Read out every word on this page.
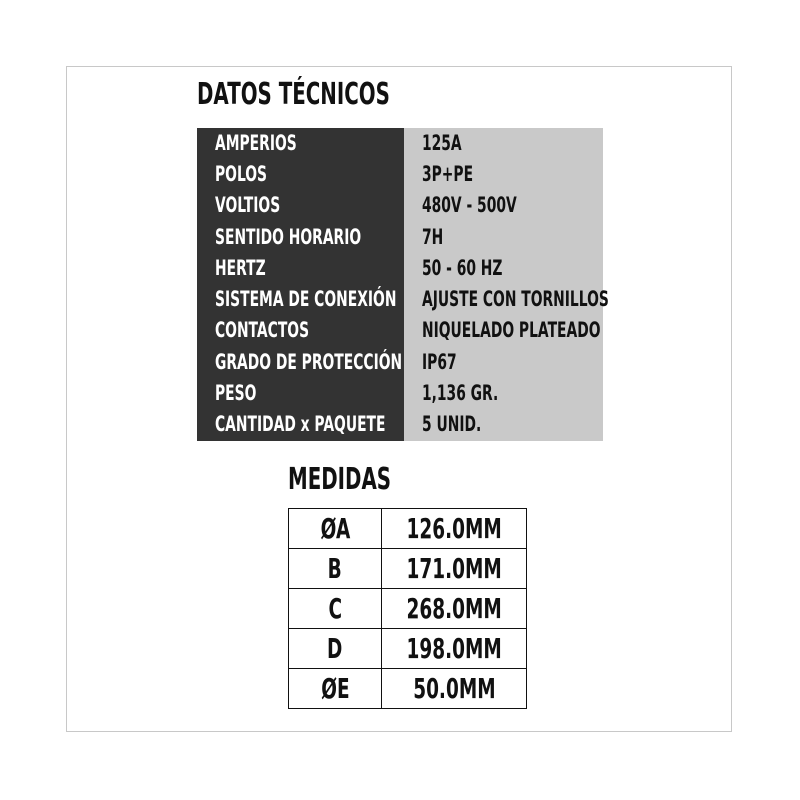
DATOS TÉCNICOS
AMPERIOS	125A
POLOS	3P+PE
VOLTIOS	480V - 500V
SENTIDO HORARIO	7H
HERTZ	50 - 60 HZ
SISTEMA DE CONEXIÓN	AJUSTE CON TORNILLOS
CONTACTOS	NIQUELADO PLATEADO
GRADO DE PROTECCIÓN IP67
PESO	1,136 GR.
CANTIDAD x PAQUETE	5 UNID.
MEDIDAS
ØA	126.0MM
B	171.0MM
C	268.0MM
D	198.0MM
ØE	50.0MM
